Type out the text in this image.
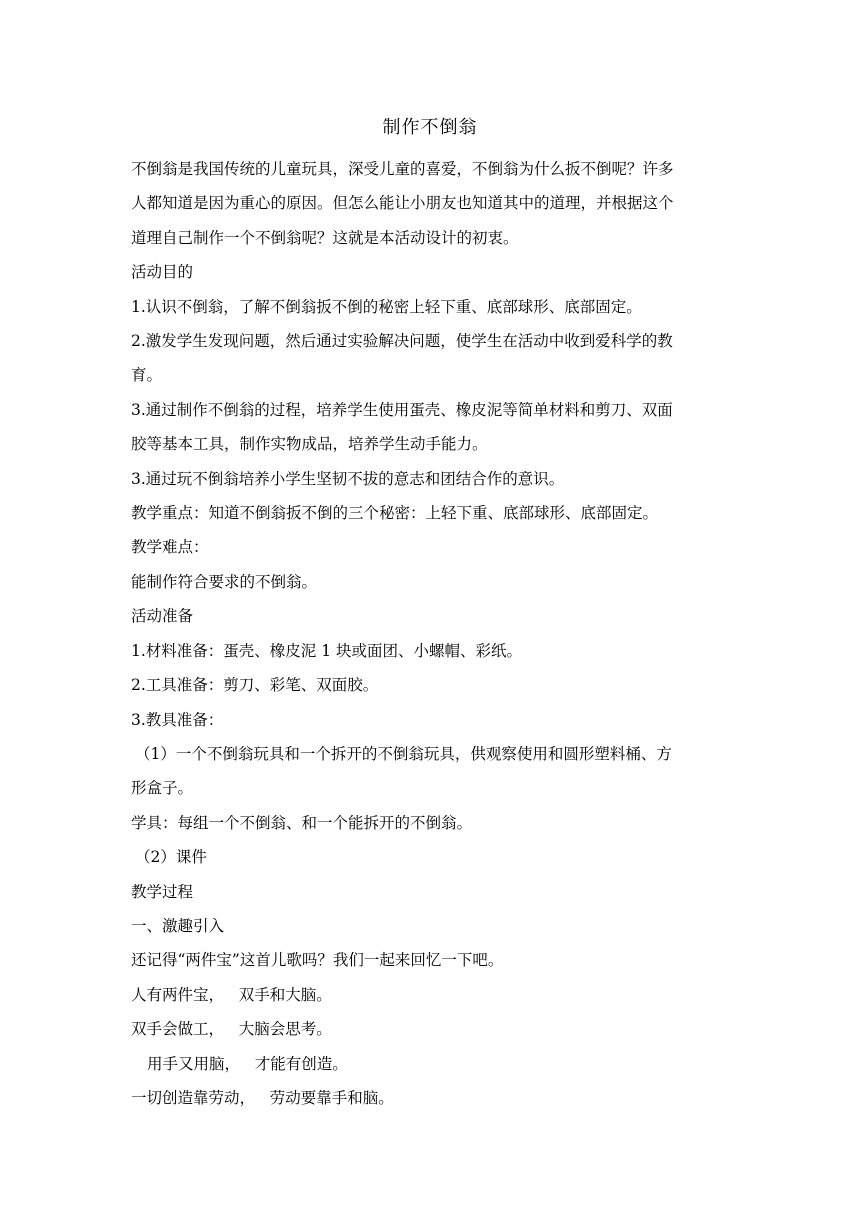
制作不倒翁

不倒翁是我国传统的儿童玩具，深受儿童的喜爱，不倒翁为什么扳不倒呢？许多

人都知道是因为重心的原因。但怎么能让小朋友也知道其中的道理，并根据这个

道理自己制作一个不倒翁呢？这就是本活动设计的初衷。

活动目的

1.认识不倒翁，了解不倒翁扳不倒的秘密上轻下重、底部球形、底部固定。

2.激发学生发现问题，然后通过实验解决问题，使学生在活动中收到爱科学的教

育。

3.通过制作不倒翁的过程，培养学生使用蛋壳、橡皮泥等简单材料和剪刀、双面

胶等基本工具，制作实物成品，培养学生动手能力。

3.通过玩不倒翁培养小学生坚韧不拔的意志和团结合作的意识。

教学重点：知道不倒翁扳不倒的三个秘密：上轻下重、底部球形、底部固定。

教学难点：

能制作符合要求的不倒翁。

活动准备

1.材料准备：蛋壳、橡皮泥 1 块或面团、小螺帽、彩纸。

2.工具准备：剪刀、彩笔、双面胶。

3.教具准备：

（1）一个不倒翁玩具和一个拆开的不倒翁玩具，供观察使用和圆形塑料桶、方

形盒子。

学具：每组一个不倒翁、和一个能拆开的不倒翁。

（2）课件

教学过程

一、激趣引入

还记得“两件宝”这首儿歌吗？我们一起来回忆一下吧。

人有两件宝，   双手和大脑。

双手会做工，   大脑会思考。

用手又用脑，   才能有创造。

一切创造靠劳动，   劳动要靠手和脑。
